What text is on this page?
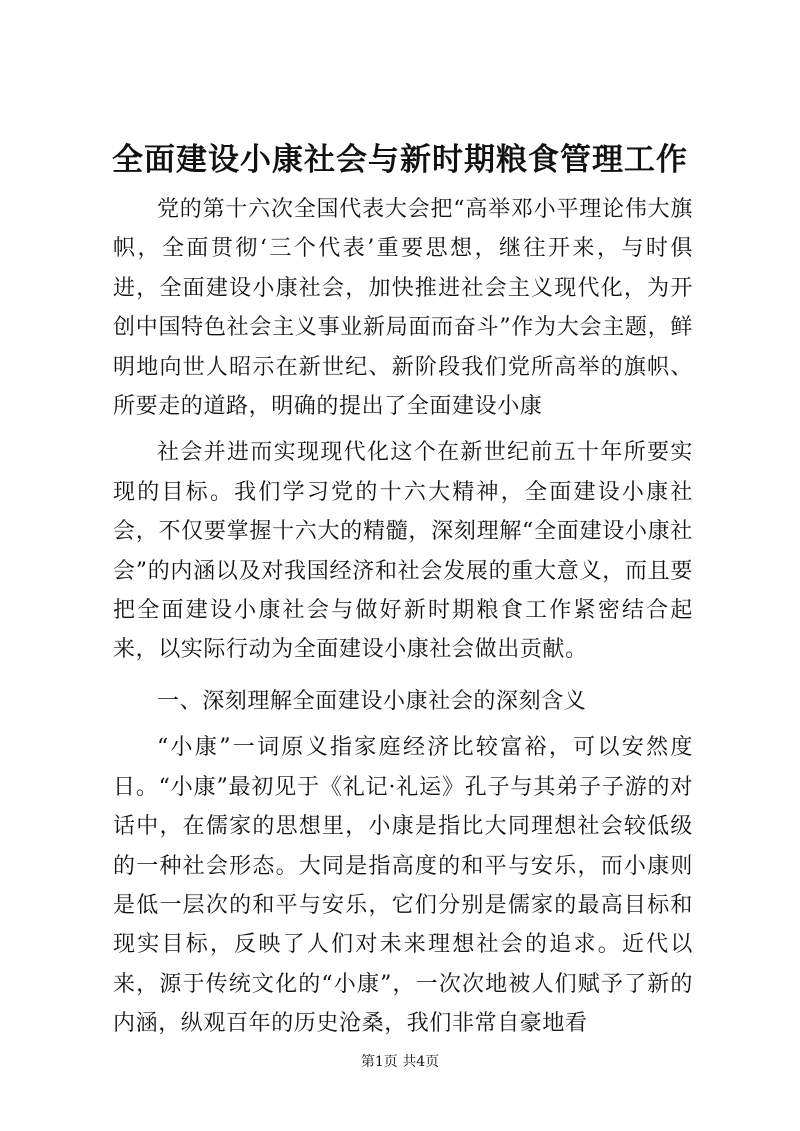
全面建设小康社会与新时期粮食管理工作

党的第十六次全国代表大会把“高举邓小平理论伟大旗帜，全面贯彻‘三个代表’重要思想，继往开来，与时俱进，全面建设小康社会，加快推进社会主义现代化，为开创中国特色社会主义事业新局面而奋斗”作为大会主题，鲜明地向世人昭示在新世纪、新阶段我们党所高举的旗帜、所要走的道路，明确的提出了全面建设小康

社会并进而实现现代化这个在新世纪前五十年所要实现的目标。我们学习党的十六大精神，全面建设小康社会，不仅要掌握十六大的精髓，深刻理解“全面建设小康社会”的内涵以及对我国经济和社会发展的重大意义，而且要把全面建设小康社会与做好新时期粮食工作紧密结合起来，以实际行动为全面建设小康社会做出贡献。

一、深刻理解全面建设小康社会的深刻含义

“小康”一词原义指家庭经济比较富裕，可以安然度日。“小康”最初见于《礼记·礼运》孔子与其弟子子游的对话中，在儒家的思想里，小康是指比大同理想社会较低级的一种社会形态。大同是指高度的和平与安乐，而小康则是低一层次的和平与安乐，它们分别是儒家的最高目标和现实目标，反映了人们对未来理想社会的追求。近代以来，源于传统文化的“小康”，一次次地被人们赋予了新的内涵，纵观百年的历史沧桑，我们非常自豪地看

第1页 共4页
